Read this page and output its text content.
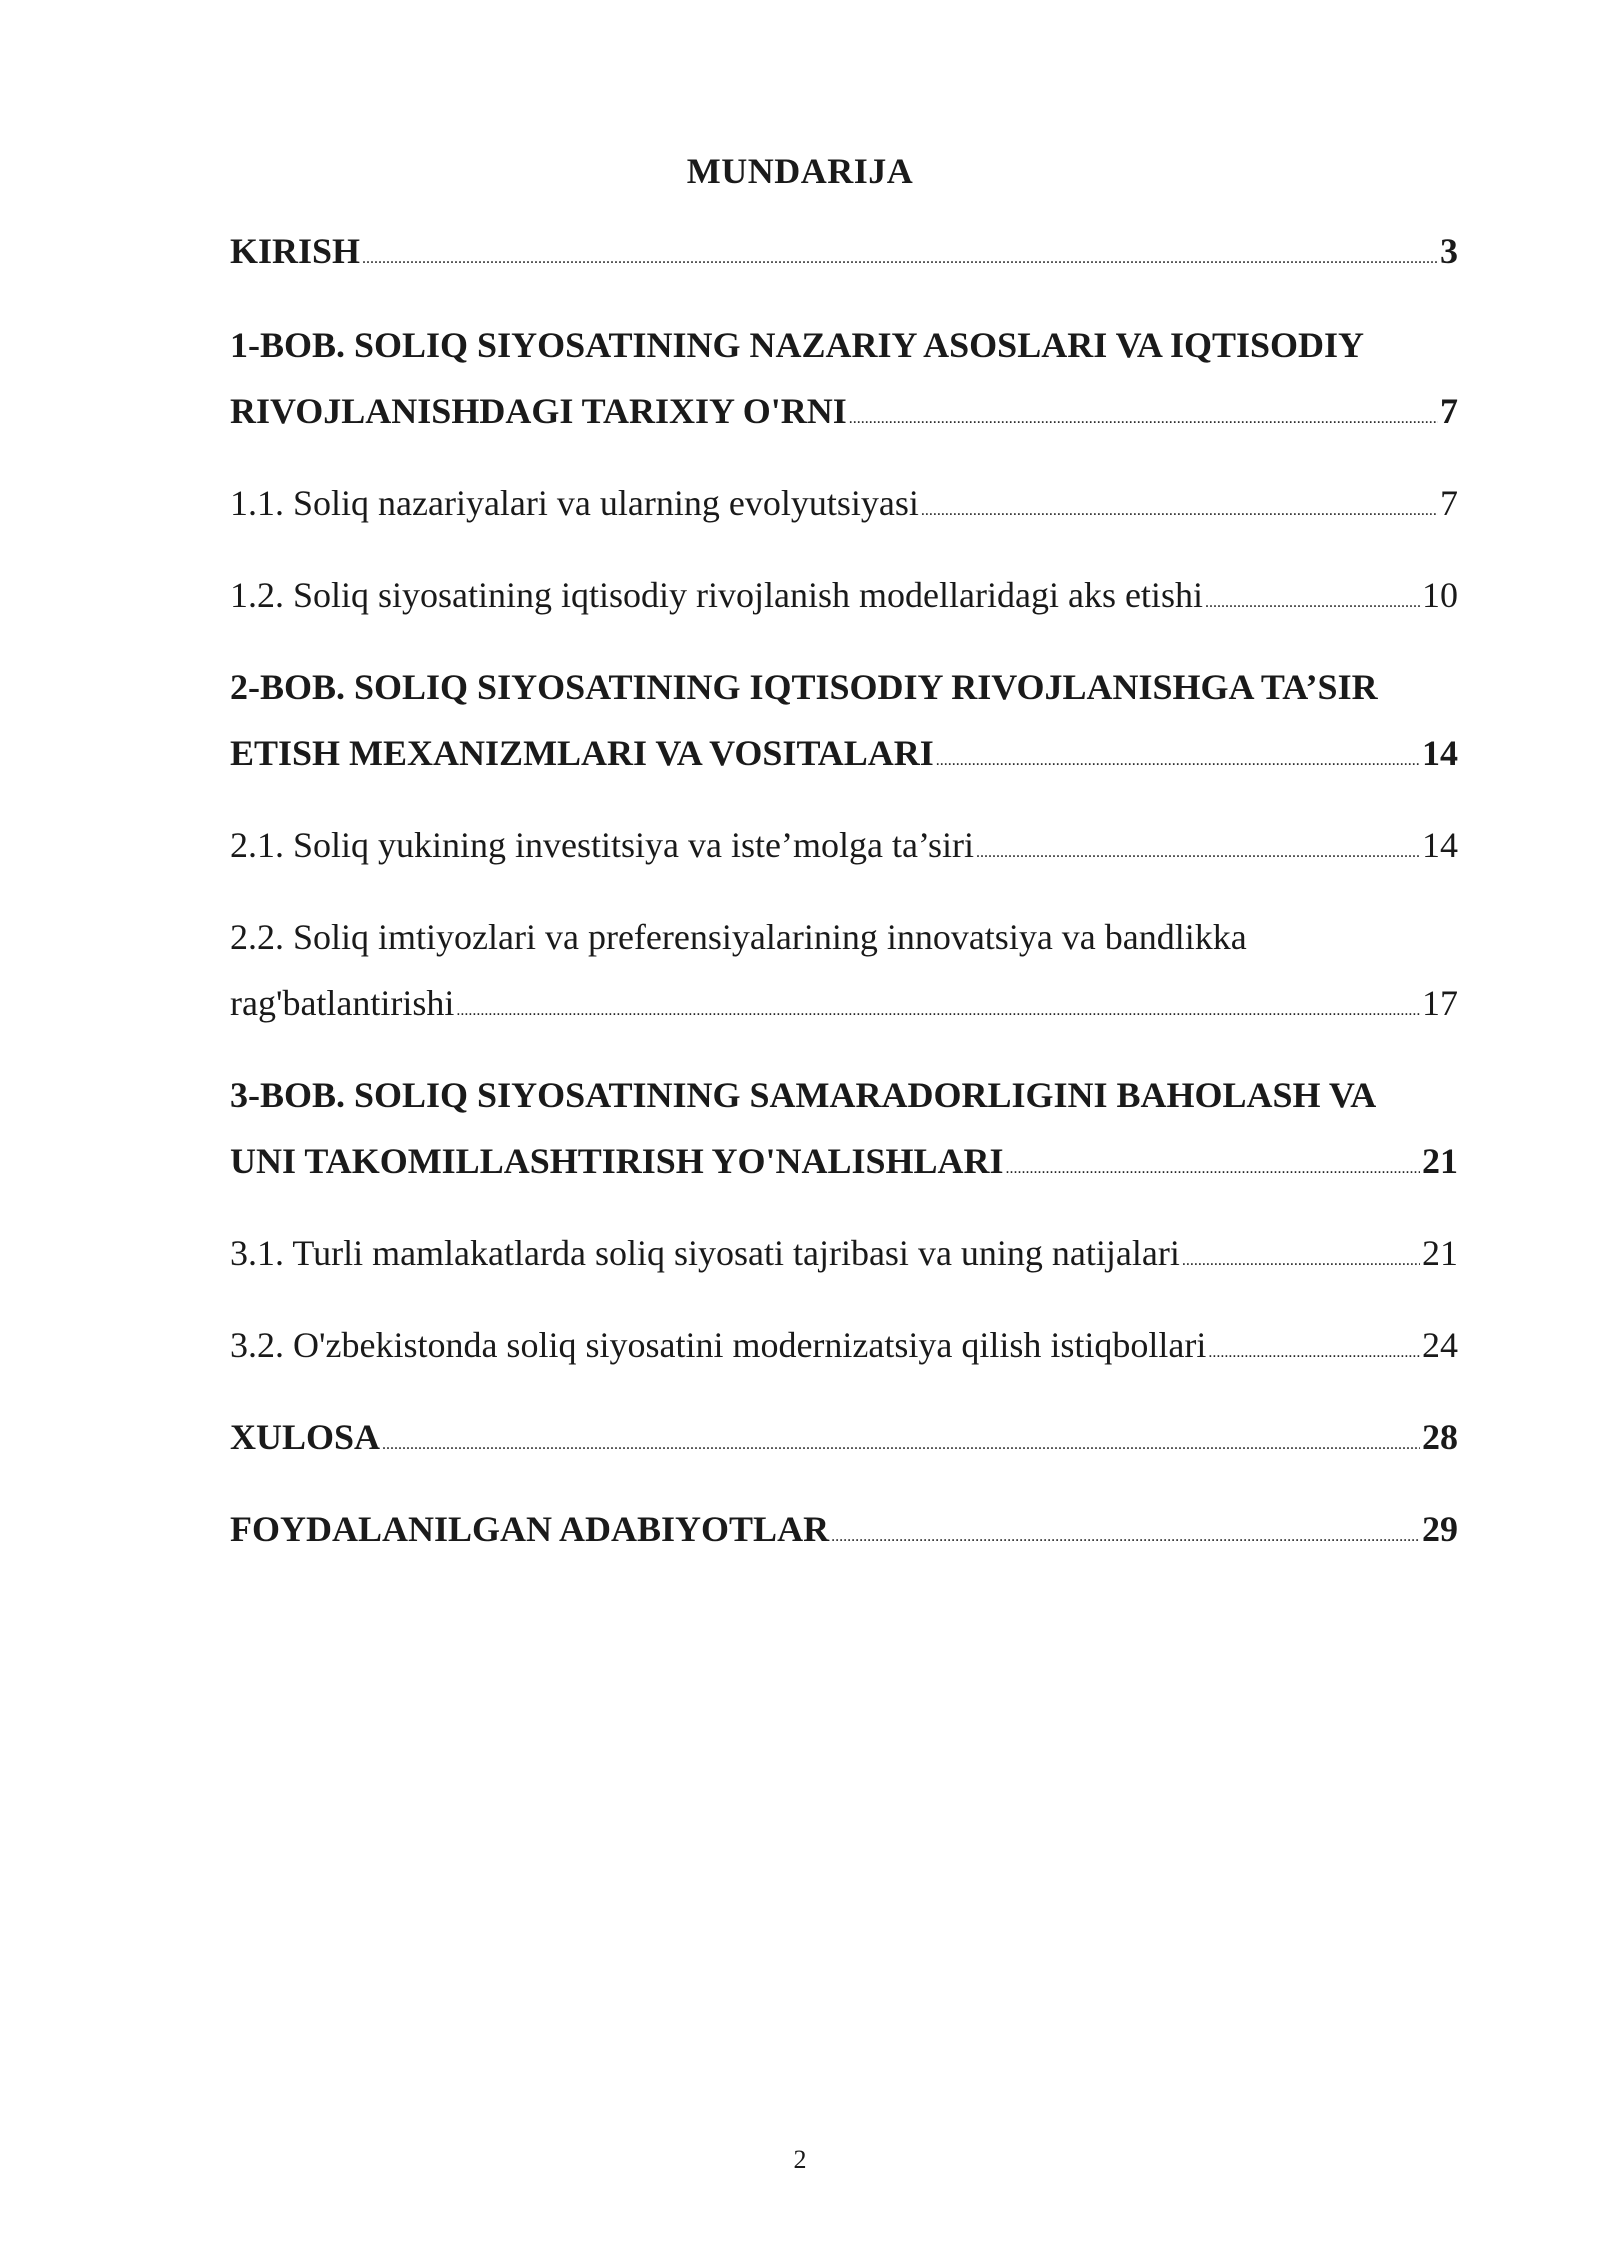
MUNDARIJA
KIRISH .....	3
1-BOB. SOLIQ SIYOSATINING NAZARIY ASOSLARI VA IQTISODIY
RIVOJLANISHDAGI TARIXIY O'RNI .....	7
1.1. Soliq nazariyalari va ularning evolyutsiyasi .....	7
1.2. Soliq siyosatining iqtisodiy rivojlanish modellaridagi aks etishi .....	10
2-BOB. SOLIQ SIYOSATINING IQTISODIY RIVOJLANISHGA TA’SIR
ETISH MEXANIZMLARI VA VOSITALARI .....	14
2.1. Soliq yukining investitsiya va iste’molga ta’siri .....	14
2.2. Soliq imtiyozlari va preferensiyalarining innovatsiya va bandlikka
rag'batlantirishi .....	17
3-BOB. SOLIQ SIYOSATINING SAMARADORLIGINI BAHOLASH VA
UNI TAKOMILLASHTIRISH YO'NALISHLARI .....	21
3.1. Turli mamlakatlarda soliq siyosati tajribasi va uning natijalari .....	21
3.2. O'zbekistonda soliq siyosatini modernizatsiya qilish istiqbollari .....	24
XULOSA .....	28
FOYDALANILGAN ADABIYOTLAR .....	29
2
